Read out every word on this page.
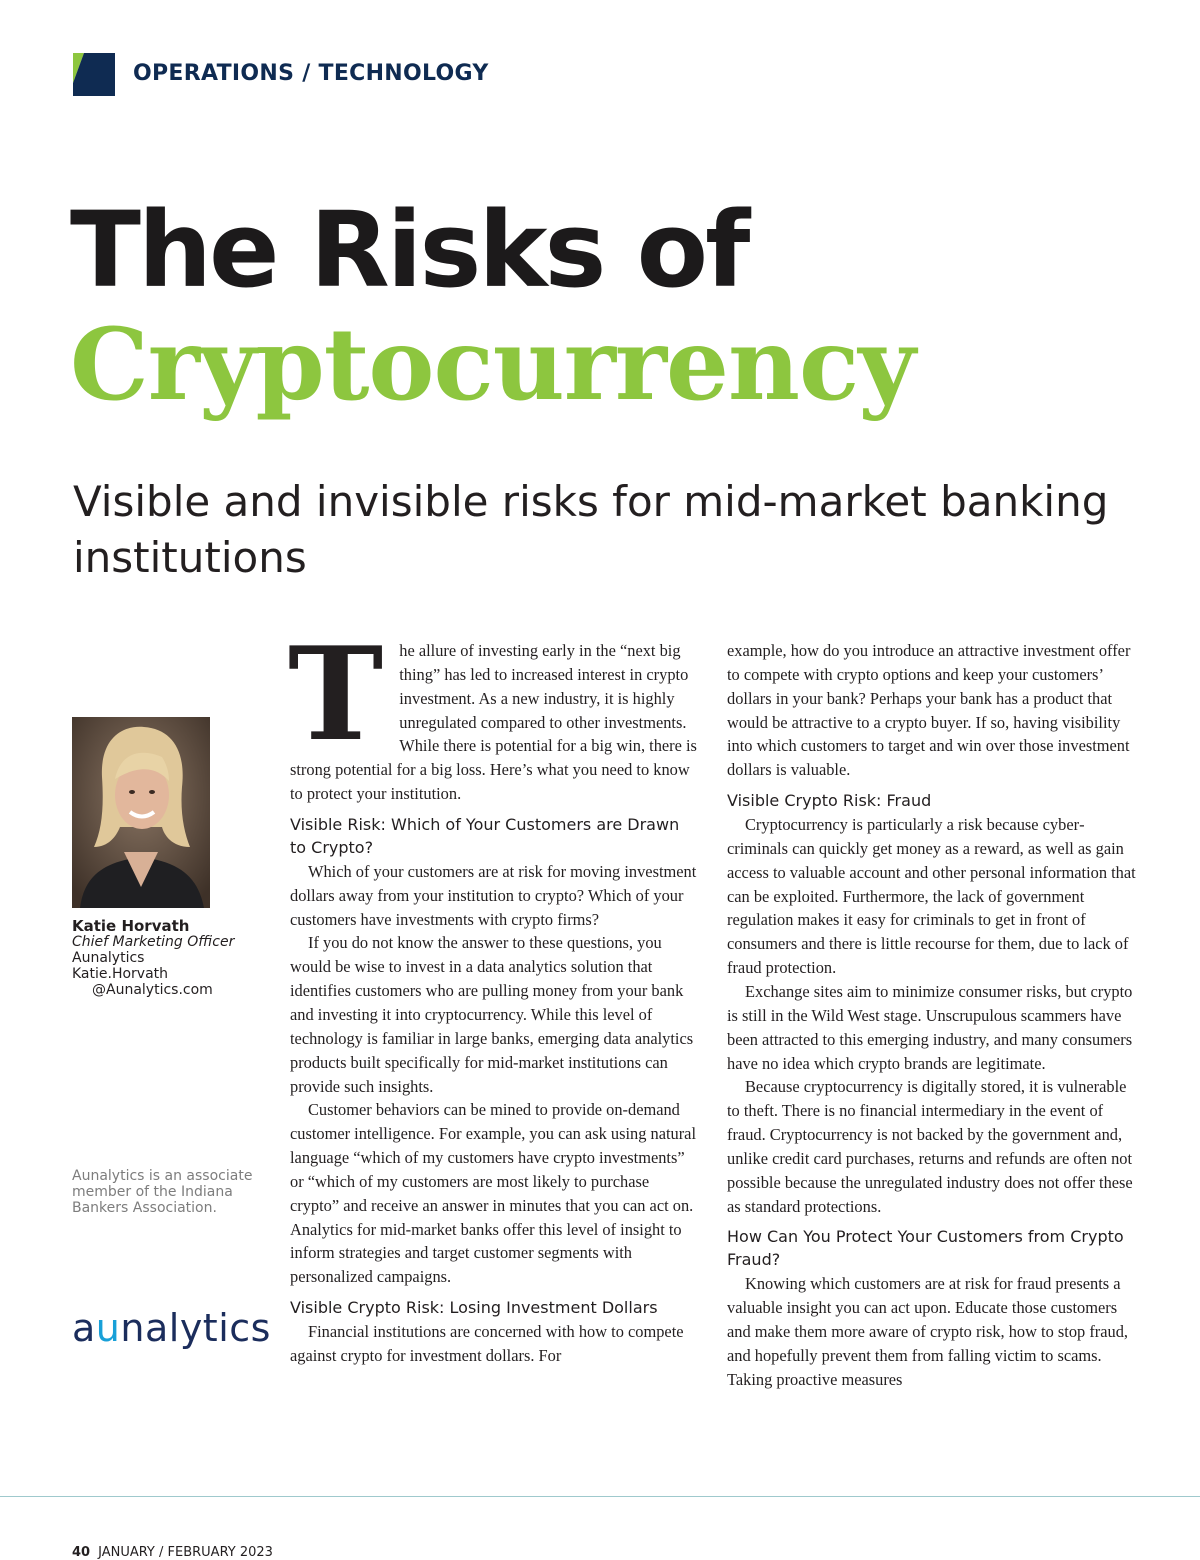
OPERATIONS / TECHNOLOGY
The Risks of
Cryptocurrency
Visible and invisible risks for mid-market banking institutions
Katie Horvath
Chief Marketing Officer
Aunalytics
Katie.Horvath
@Aunalytics.com
Aunalytics is an associate member of the Indiana Bankers Association.
aunalytics

The allure of investing early in the “next big thing” has led to increased interest in crypto investment. As a new industry, it is highly unregulated compared to other investments. While there is potential for a big win, there is strong potential for a big loss. Here’s what you need to know to protect your institution.

Visible Risk: Which of Your Customers are Drawn to Crypto?

Which of your customers are at risk for moving investment dollars away from your institution to crypto? Which of your customers have investments with crypto firms?

If you do not know the answer to these questions, you would be wise to invest in a data analytics solution that identifies customers who are pulling money from your bank and investing it into cryptocurrency. While this level of technology is familiar in large banks, emerging data analytics products built specifically for mid-market institutions can provide such insights.

Customer behaviors can be mined to provide on-demand customer intelligence. For example, you can ask using natural language “which of my customers have crypto investments” or “which of my customers are most likely to purchase crypto” and receive an answer in minutes that you can act on. Analytics for mid-market banks offer this level of insight to inform strategies and target customer segments with personalized campaigns.

Visible Crypto Risk: Losing Investment Dollars

Financial institutions are concerned with how to compete against crypto for investment dollars. For

example, how do you introduce an attractive investment offer to compete with crypto options and keep your customers’ dollars in your bank? Perhaps your bank has a product that would be attractive to a crypto buyer. If so, having visibility into which customers to target and win over those investment dollars is valuable.

Visible Crypto Risk: Fraud

Cryptocurrency is particularly a risk because cybercriminals can quickly get money as a reward, as well as gain access to valuable account and other personal information that can be exploited. Furthermore, the lack of government regulation makes it easy for criminals to get in front of consumers and there is little recourse for them, due to lack of fraud protection.

Exchange sites aim to minimize consumer risks, but crypto is still in the Wild West stage. Unscrupulous scammers have been attracted to this emerging industry, and many consumers have no idea which crypto brands are legitimate.

Because cryptocurrency is digitally stored, it is vulnerable to theft. There is no financial intermediary in the event of fraud. Cryptocurrency is not backed by the government and, unlike credit card purchases, returns and refunds are often not possible because the unregulated industry does not offer these as standard protections.

How Can You Protect Your Customers from Crypto Fraud?

Knowing which customers are at risk for fraud presents a valuable insight you can act upon. Educate those customers and make them more aware of crypto risk, how to stop fraud, and hopefully prevent them from falling victim to scams. Taking proactive measures

40 JANUARY / FEBRUARY 2023
